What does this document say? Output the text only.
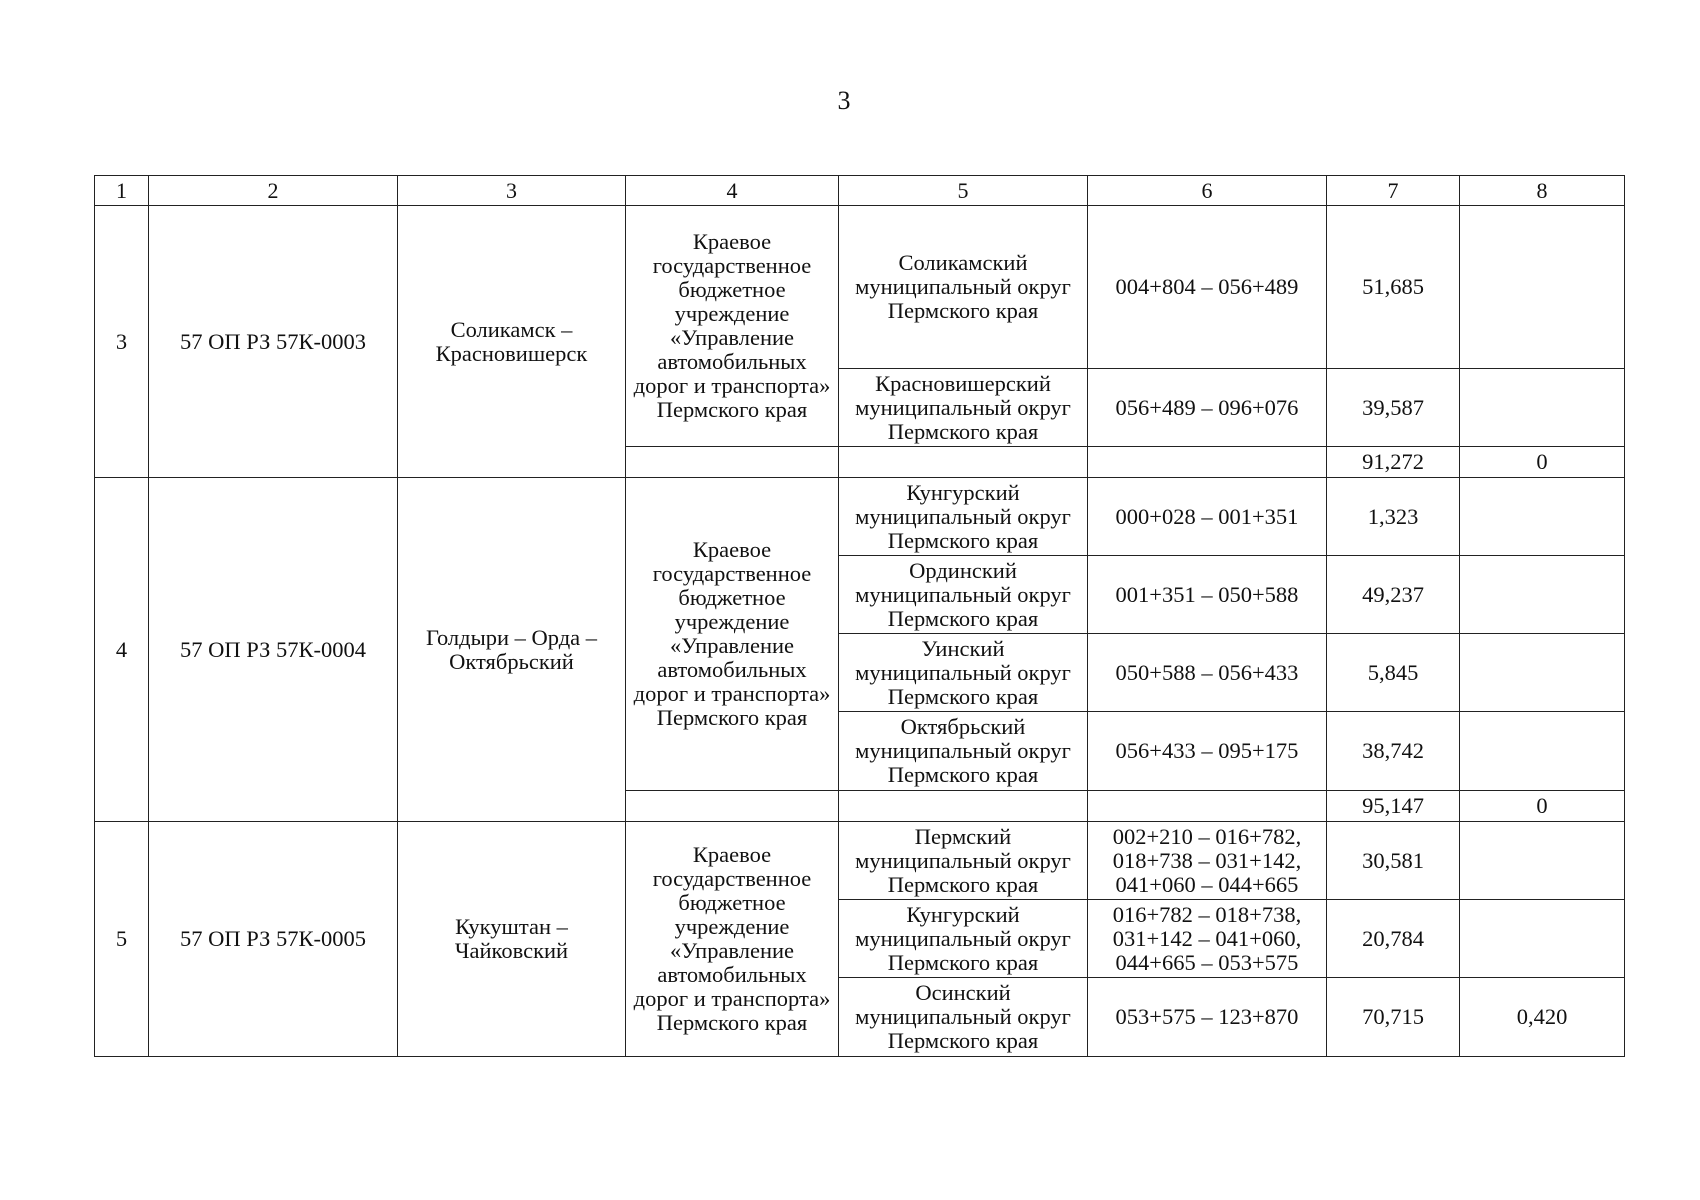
3
1	2	3	4	5	6	7	8
3	57 ОП РЗ 57К-0003	Соликамск – Красновишерск	Краевое государственное бюджетное учреждение «Управление автомобильных дорог и транспорта» Пермского края	Соликамский муниципальный округ Пермского края	004+804 – 056+489	51,685	
				Красновишерский муниципальный округ Пермского края	056+489 – 096+076	39,587	
						91,272	0
4	57 ОП РЗ 57К-0004	Голдыри – Орда – Октябрьский	Краевое государственное бюджетное учреждение «Управление автомобильных дорог и транспорта» Пермского края	Кунгурский муниципальный округ Пермского края	000+028 – 001+351	1,323	
				Ординский муниципальный округ Пермского края	001+351 – 050+588	49,237	
				Уинский муниципальный округ Пермского края	050+588 – 056+433	5,845	
				Октябрьский муниципальный округ Пермского края	056+433 – 095+175	38,742	
						95,147	0
5	57 ОП РЗ 57К-0005	Кукуштан – Чайковский	Краевое государственное бюджетное учреждение «Управление автомобильных дорог и транспорта» Пермского края	Пермский муниципальный округ Пермского края	002+210 – 016+782, 018+738 – 031+142, 041+060 – 044+665	30,581	
				Кунгурский муниципальный округ Пермского края	016+782 – 018+738, 031+142 – 041+060, 044+665 – 053+575	20,784	
				Осинский муниципальный округ Пермского края	053+575 – 123+870	70,715	0,420
